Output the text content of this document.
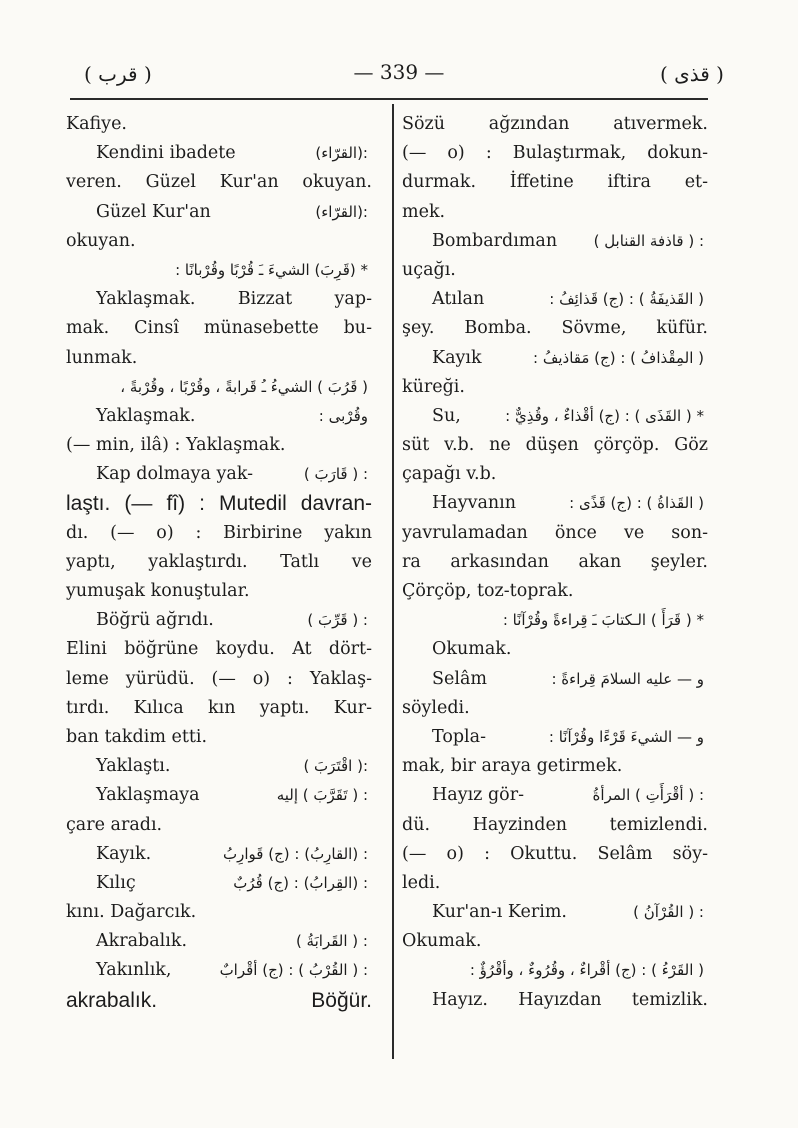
( قرب )	— 339 —	( قذى )
Kafiye.
Kendini ibadete	:(القرّاء)
veren. Güzel Kur'an okuyan.
Güzel Kur'an	:(القرّاء)
okuyan.
* (قَرِبَ) الشيءَ ـَ قُرْبًا وقُرْبانًا :
Yaklaşmak. Bizzat yap-
mak. Cinsî münasebette bu-
lunmak.
( قَرُبَ ) الشيءُ ـُ قَرابةً ، وقُرْبًا ، وقُرْبةً ،
Yaklaşmak.	وقُرْبى :
(— min, ilâ) : Yaklaşmak.
Kap dolmaya yak-	: ( قَارَبَ )
laştı. (— fî) : Mutedil davran-
dı. (— o) : Birbirine yakın
yaptı, yaklaştırdı. Tatlı ve
yumuşak konuştular.
Böğrü ağrıdı.	: ( قَرِّبَ )
Elini böğrüne koydu. At dört-
leme yürüdü. (— o) : Yaklaş-
tırdı. Kılıca kın yaptı. Kur-
ban takdim etti.
Yaklaştı.	:( اقْتَرَبَ )
Yaklaşmaya	: ( تَقَرَّبَ ) إليه
çare aradı.
Kayık.	: (القارِبُ) : (ج) قَوارِبُ
Kılıç	: (القِرابُ) : (ج) قُرُبٌ
kını. Dağarcık.
Akrabalık.	: ( القَرابَةُ )
Yakınlık,	: ( القُرْبُ ) : (ج) أقْرابٌ
akrabalık. Böğür.
Sözü ağzından atıvermek.
(— o) : Bulaştırmak, dokun-
durmak. İffetine iftira et-
mek.
Bombardıman : ( قاذفة القنابل )
uçağı.
Atılan	( القَذيفَةُ ) : (ج) قَذائِفُ :
şey. Bomba. Sövme, küfür.
Kayık	( المِقْذافُ ) : (ج) مَقاذيفُ :
küreği.
Su,	* ( القَذَى ) : (ج) أقْذاءٌ ، وقُذِيٌّ :
süt v.b. ne düşen çörçöp. Göz
çapağı v.b.
Hayvanın	( القَذاةُ ) : (ج) قَذًى :
yavrulamadan önce ve son-
ra arkasından akan şeyler.
Çörçöp, toz-toprak.
* ( قَرَأَ ) الـكتابَ ـَ قِراءةً وقُرْآنًا :
Okumak.
Selâm	و — عليه السلامَ قِراءةً :
söyledi.
Topla-	و — الشيءَ قَرْءًا وقُرْآنًا :
mak, bir araya getirmek.
Hayız gör-	: ( أقْرَأَتِ ) المرأةُ
dü. Hayzinden temizlendi.
(— o) : Okuttu. Selâm söy-
ledi.
Kur'an-ı Kerim.	: ( القُرْآنُ )
Okumak.
( القَرْءُ ) : (ج) أقْراءٌ ، وقُرُوءٌ ، وأقْرُؤٌ :
Hayız. Hayızdan temizlik.
